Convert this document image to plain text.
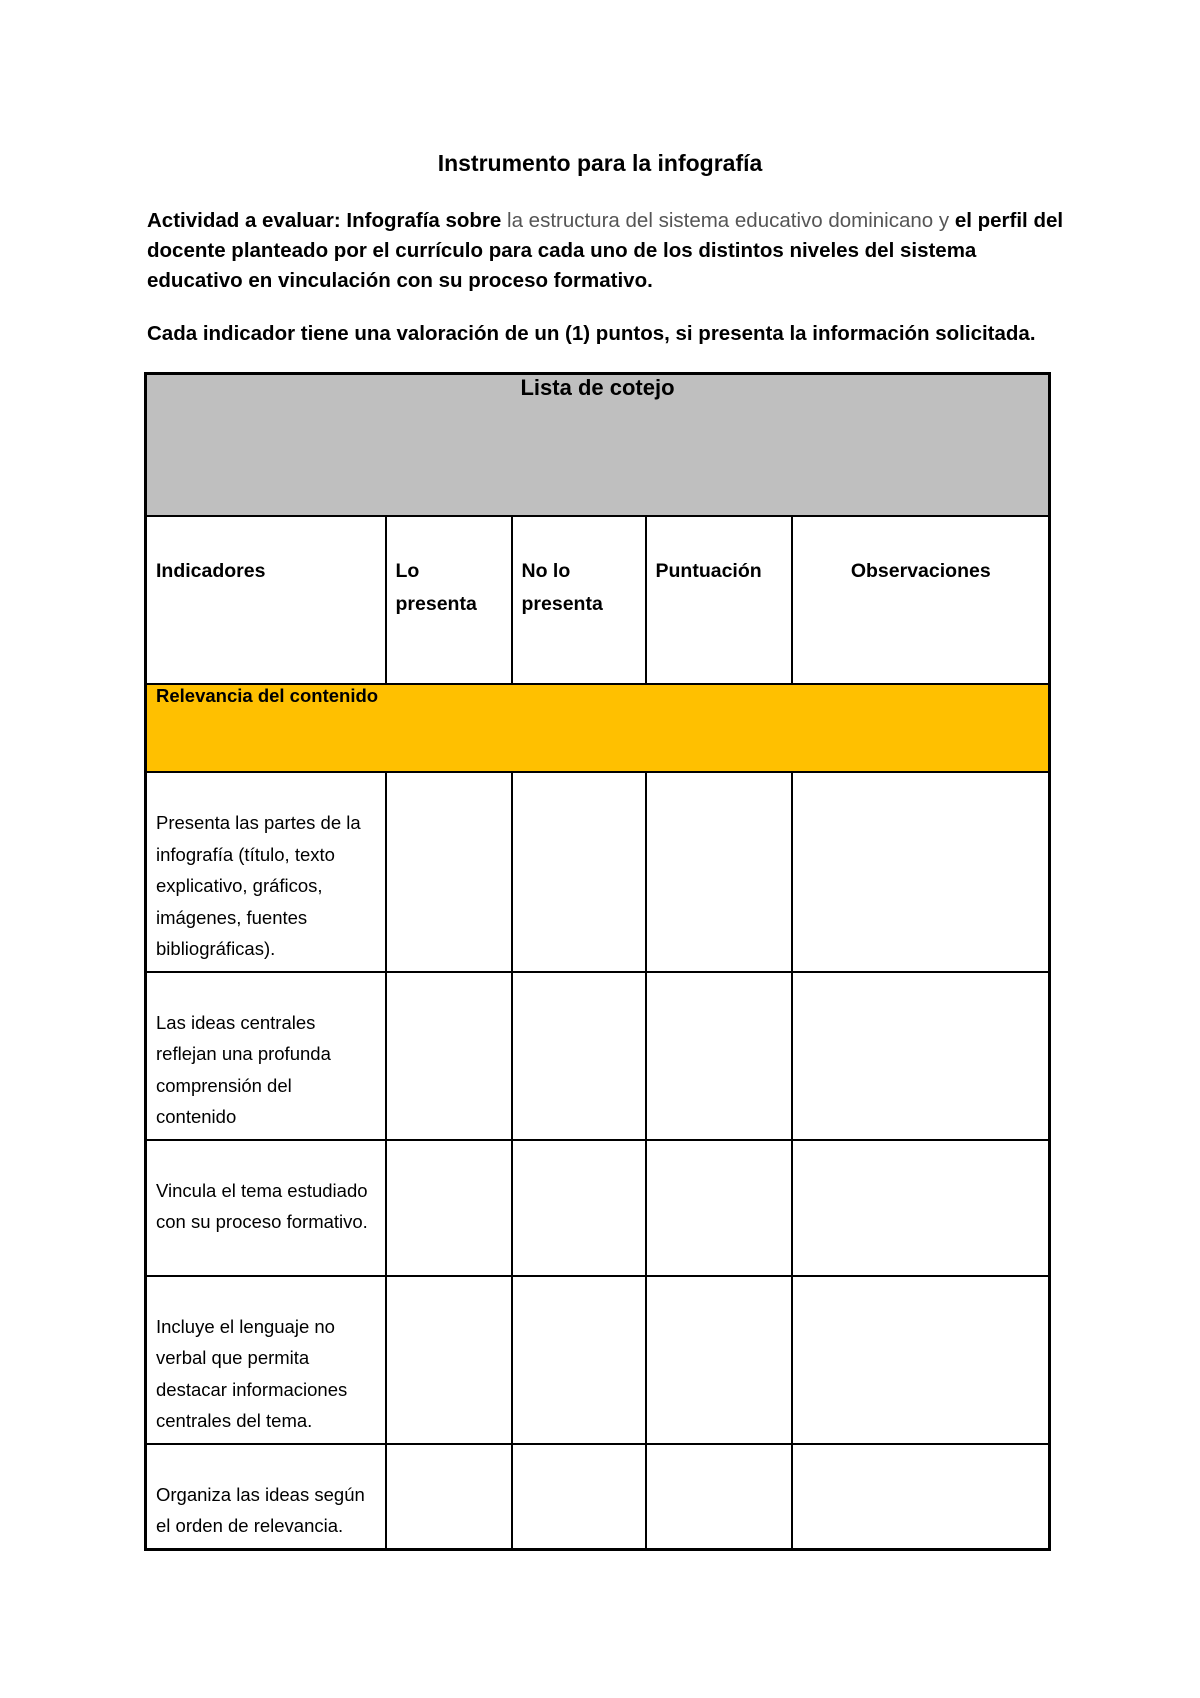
Instrumento para la infografía
Actividad a evaluar: Infografía sobre la estructura del sistema educativo dominicano y el perfil del docente planteado por el currículo para cada uno de los distintos niveles del sistema educativo en vinculación con su proceso formativo.
Cada indicador tiene una valoración de un (1) puntos, si presenta la información solicitada.
Lista de cotejo				
Indicadores	Lo presenta	No lo presenta	Puntuación	Observaciones
Relevancia del contenido				
Presenta las partes de la infografía (título, texto explicativo, gráficos, imágenes, fuentes bibliográficas).				
Las ideas centrales reflejan una profunda comprensión del contenido				
Vincula el tema estudiado con su proceso formativo.				
Incluye el lenguaje no verbal que permita destacar informaciones centrales del tema.				
Organiza las ideas según el orden de relevancia.				
